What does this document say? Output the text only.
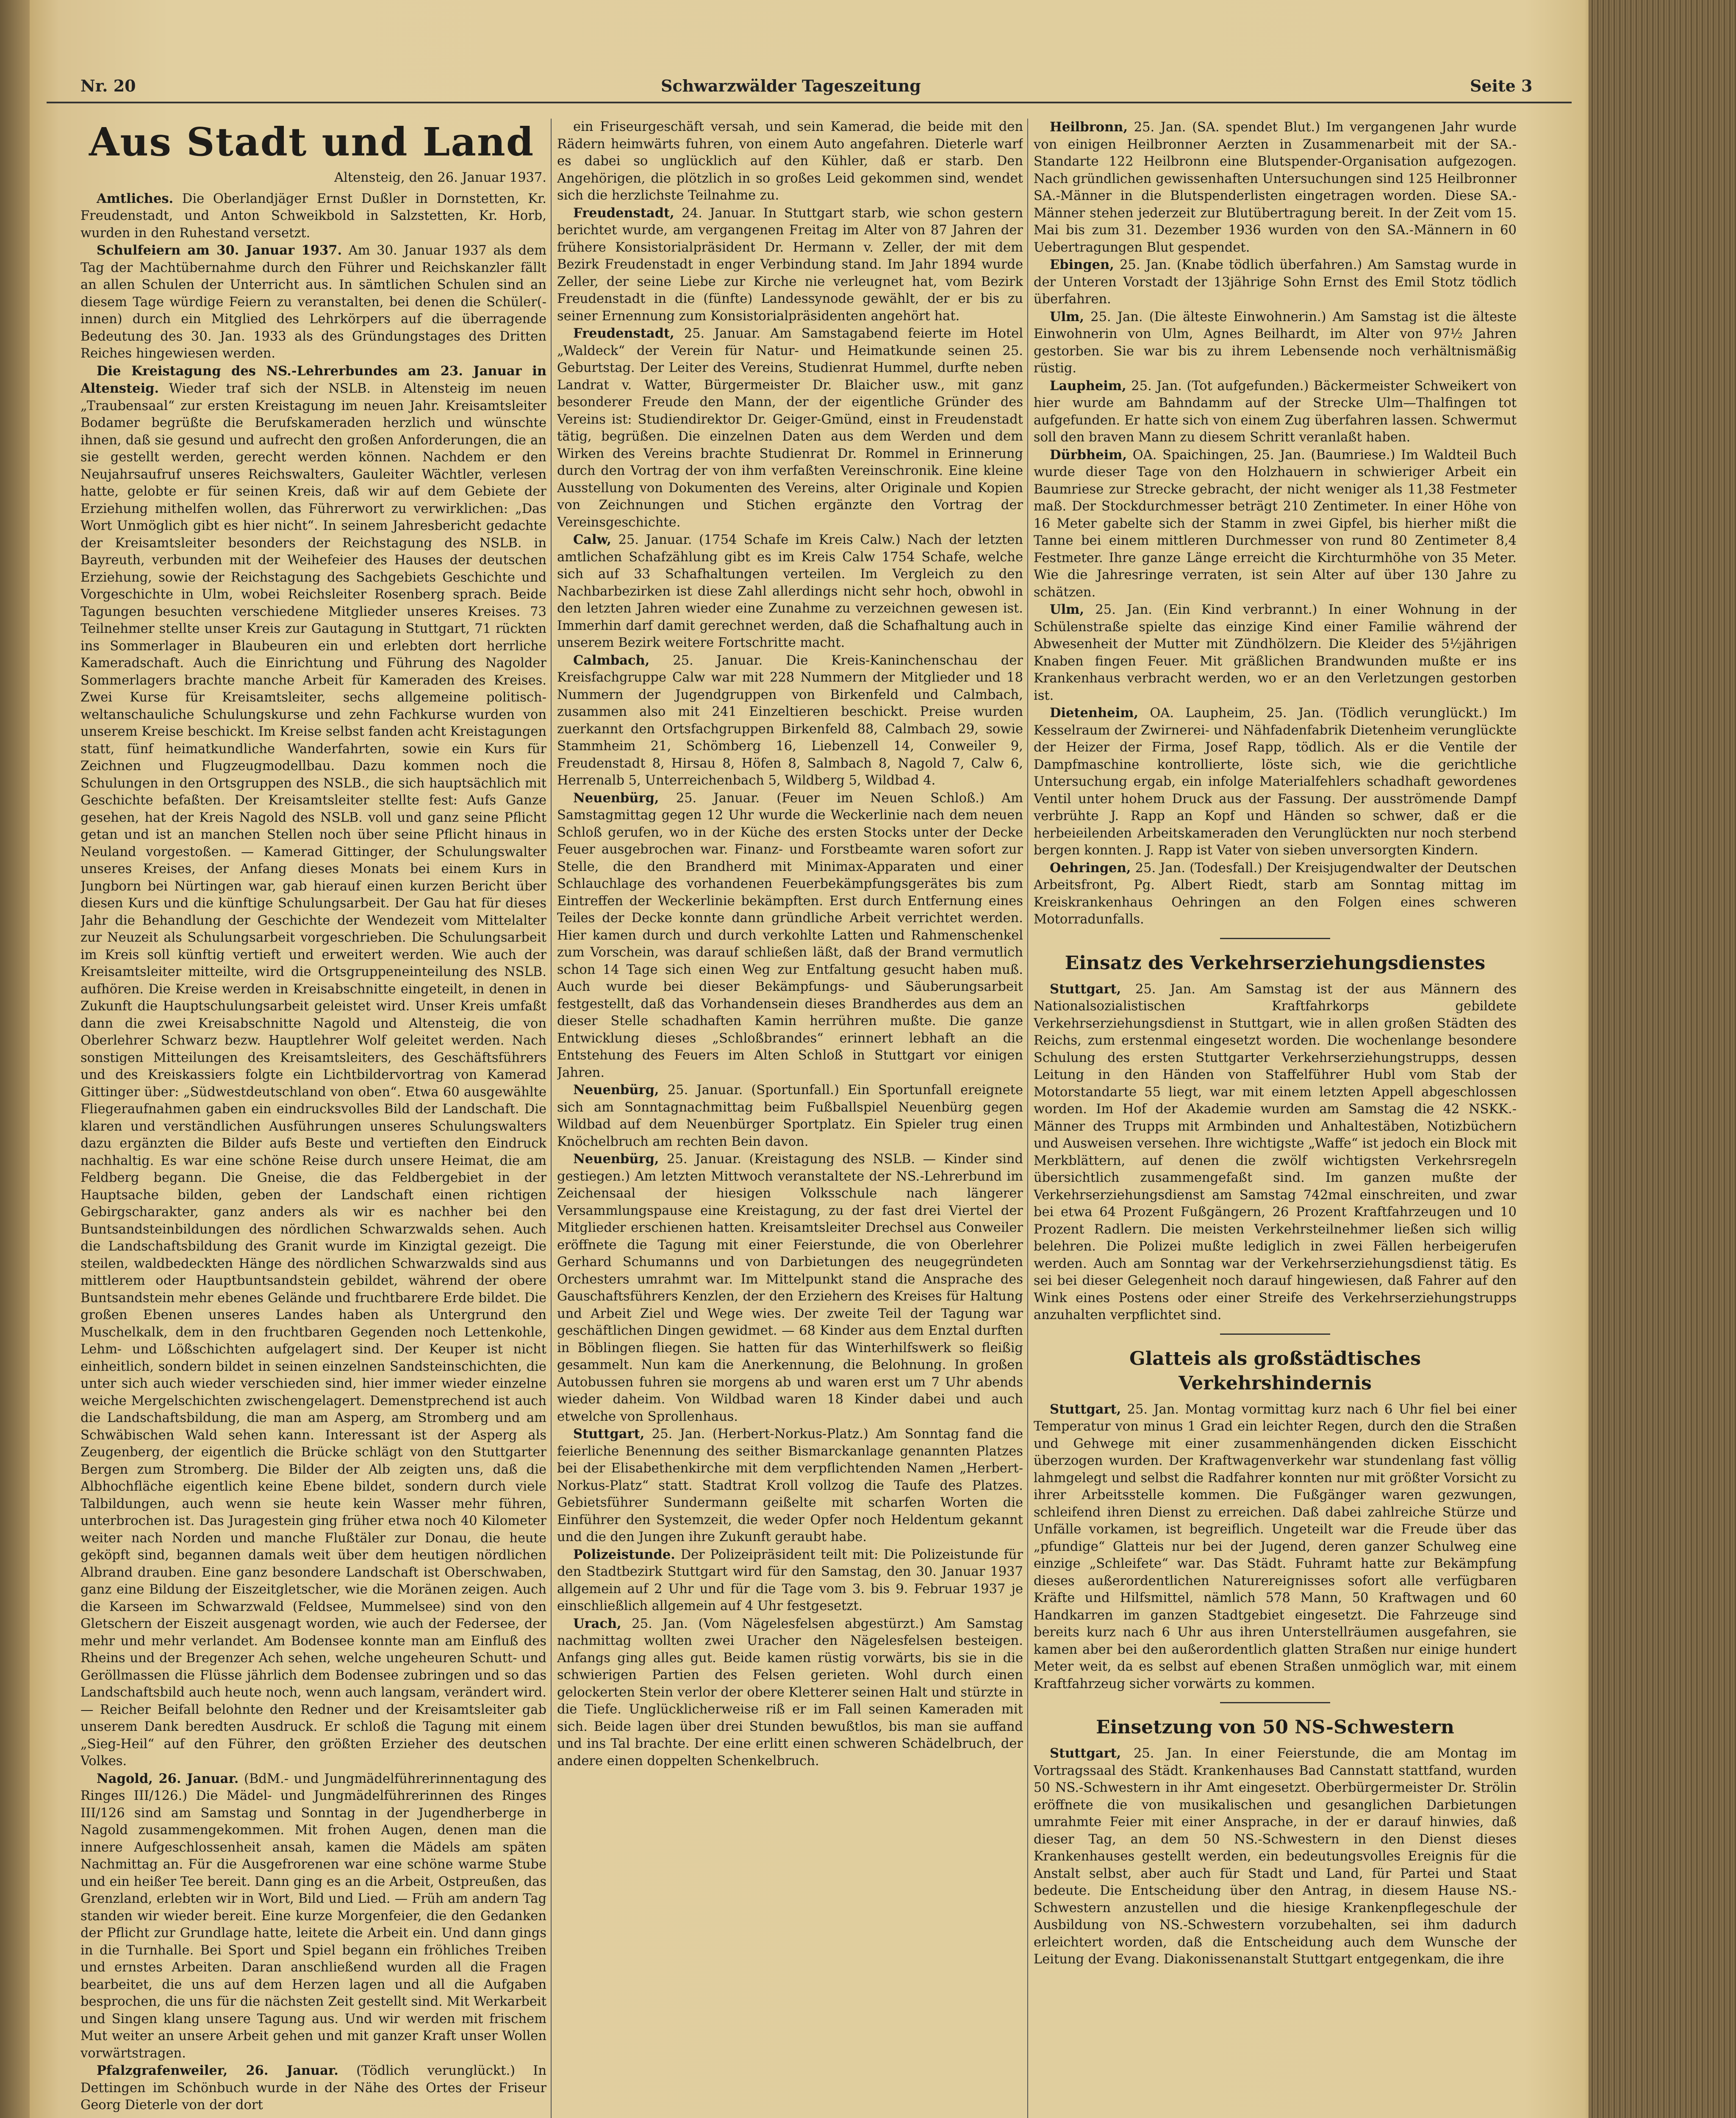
Nr. 20	Schwarzwälder Tageszeitung	Seite 3
Aus Stadt und Land
Altensteig, den 26. Januar 1937.

Amtliches. Die Oberlandjäger Ernst Dußler in Dornstetten, Kr. Freudenstadt, und Anton Schweikbold in Salzstetten, Kr. Horb, wurden in den Ruhestand versetzt.

Schulfeiern am 30. Januar 1937. Am 30. Januar 1937 als dem Tag der Machtübernahme durch den Führer und Reichskanzler fällt an allen Schulen der Unterricht aus. In sämtlichen Schulen sind an diesem Tage würdige Feiern zu veranstalten, bei denen die Schüler(-innen) durch ein Mitglied des Lehrkörpers auf die überragende Bedeutung des 30. Jan. 1933 als des Gründungstages des Dritten Reiches hingewiesen werden.

Die Kreistagung des NS.-Lehrerbundes am 23. Januar in Altensteig. Wieder traf sich der NSLB. in Altensteig im neuen „Traubensaal“ zur ersten Kreistagung im neuen Jahr. Kreisamtsleiter Bodamer begrüßte die Berufskameraden herzlich und wünschte ihnen, daß sie gesund und aufrecht den großen Anforderungen, die an sie gestellt werden, gerecht werden können. Nachdem er den Neujahrsaufruf unseres Reichswalters, Gauleiter Wächtler, verlesen hatte, gelobte er für seinen Kreis, daß wir auf dem Gebiete der Erziehung mithelfen wollen, das Führerwort zu verwirklichen: „Das Wort Unmöglich gibt es hier nicht“. In seinem Jahresbericht gedachte der Kreisamtsleiter besonders der Reichstagung des NSLB. in Bayreuth, verbunden mit der Weihefeier des Hauses der deutschen Erziehung, sowie der Reichstagung des Sachgebiets Geschichte und Vorgeschichte in Ulm, wobei Reichsleiter Rosenberg sprach. Beide Tagungen besuchten verschiedene Mitglieder unseres Kreises. 73 Teilnehmer stellte unser Kreis zur Gautagung in Stuttgart, 71 rückten ins Sommerlager in Blaubeuren ein und erlebten dort herrliche Kameradschaft. Auch die Einrichtung und Führung des Nagolder Sommerlagers brachte manche Arbeit für Kameraden des Kreises. Zwei Kurse für Kreisamtsleiter, sechs allgemeine politisch-weltanschauliche Schulungskurse und zehn Fachkurse wurden von unserem Kreise beschickt. Im Kreise selbst fanden acht Kreistagungen statt, fünf heimatkundliche Wanderfahrten, sowie ein Kurs für Zeichnen und Flugzeugmodellbau. Dazu kommen noch die Schulungen in den Ortsgruppen des NSLB., die sich hauptsächlich mit Geschichte befaßten. Der Kreisamtsleiter stellte fest: Aufs Ganze gesehen, hat der Kreis Nagold des NSLB. voll und ganz seine Pflicht getan und ist an manchen Stellen noch über seine Pflicht hinaus in Neuland vorgestoßen. — Kamerad Gittinger, der Schulungswalter unseres Kreises, der Anfang dieses Monats bei einem Kurs in Jungborn bei Nürtingen war, gab hierauf einen kurzen Bericht über diesen Kurs und die künftige Schulungsarbeit. Der Gau hat für dieses Jahr die Behandlung der Geschichte der Wendezeit vom Mittelalter zur Neuzeit als Schulungsarbeit vorgeschrieben. Die Schulungsarbeit im Kreis soll künftig vertieft und erweitert werden. Wie auch der Kreisamtsleiter mitteilte, wird die Ortsgruppeneinteilung des NSLB. aufhören. Die Kreise werden in Kreisabschnitte eingeteilt, in denen in Zukunft die Hauptschulungsarbeit geleistet wird. Unser Kreis umfaßt dann die zwei Kreisabschnitte Nagold und Altensteig, die von Oberlehrer Schwarz bezw. Hauptlehrer Wolf geleitet werden. Nach sonstigen Mitteilungen des Kreisamtsleiters, des Geschäftsführers und des Kreiskassiers folgte ein Lichtbildervortrag von Kamerad Gittinger über: „Südwestdeutschland von oben“. Etwa 60 ausgewählte Fliegeraufnahmen gaben ein eindrucksvolles Bild der Landschaft. Die klaren und verständlichen Ausführungen unseres Schulungswalters dazu ergänzten die Bilder aufs Beste und vertieften den Eindruck nachhaltig. Es war eine schöne Reise durch unsere Heimat, die am Feldberg begann. Die Gneise, die das Feldbergebiet in der Hauptsache bilden, geben der Landschaft einen richtigen Gebirgscharakter, ganz anders als wir es nachher bei den Buntsandsteinbildungen des nördlichen Schwarzwalds sehen. Auch die Landschaftsbildung des Granit wurde im Kinzigtal gezeigt. Die steilen, waldbedeckten Hänge des nördlichen Schwarzwalds sind aus mittlerem oder Hauptbuntsandstein gebildet, während der obere Buntsandstein mehr ebenes Gelände und fruchtbarere Erde bildet. Die großen Ebenen unseres Landes haben als Untergrund den Muschelkalk, dem in den fruchtbaren Gegenden noch Lettenkohle, Lehm- und Lößschichten aufgelagert sind. Der Keuper ist nicht einheitlich, sondern bildet in seinen einzelnen Sandsteinschichten, die unter sich auch wieder verschieden sind, hier immer wieder einzelne weiche Mergelschichten zwischengelagert. Demenstprechend ist auch die Landschaftsbildung, die man am Asperg, am Stromberg und am Schwäbischen Wald sehen kann. Interessant ist der Asperg als Zeugenberg, der eigentlich die Brücke schlägt von den Stuttgarter Bergen zum Stromberg. Die Bilder der Alb zeigten uns, daß die Albhochfläche eigentlich keine Ebene bildet, sondern durch viele Talbildungen, auch wenn sie heute kein Wasser mehr führen, unterbrochen ist. Das Juragestein ging früher etwa noch 40 Kilometer weiter nach Norden und manche Flußtäler zur Donau, die heute geköpft sind, begannen damals weit über dem heutigen nördlichen Albrand drauben. Eine ganz besondere Landschaft ist Oberschwaben, ganz eine Bildung der Eiszeitgletscher, wie die Moränen zeigen. Auch die Karseen im Schwarzwald (Feldsee, Mummelsee) sind von den Gletschern der Eiszeit ausgenagt worden, wie auch der Federsee, der mehr und mehr verlandet. Am Bodensee konnte man am Einfluß des Rheins und der Bregenzer Ach sehen, welche ungeheuren Schutt- und Geröllmassen die Flüsse jährlich dem Bodensee zubringen und so das Landschaftsbild auch heute noch, wenn auch langsam, verändert wird. — Reicher Beifall belohnte den Redner und der Kreisamtsleiter gab unserem Dank beredten Ausdruck. Er schloß die Tagung mit einem „Sieg-Heil“ auf den Führer, den größten Erzieher des deutschen Volkes.

Nagold, 26. Januar. (BdM.- und Jungmädelführerinnentagung des Ringes III/126.) Die Mädel- und Jungmädelführerinnen des Ringes III/126 sind am Samstag und Sonntag in der Jugendherberge in Nagold zusammengekommen. Mit frohen Augen, denen man die innere Aufgeschlossenheit ansah, kamen die Mädels am späten Nachmittag an. Für die Ausgefrorenen war eine schöne warme Stube und ein heißer Tee bereit. Dann ging es an die Arbeit, Ostpreußen, das Grenzland, erlebten wir in Wort, Bild und Lied. — Früh am andern Tag standen wir wieder bereit. Eine kurze Morgenfeier, die den Gedanken der Pflicht zur Grundlage hatte, leitete die Arbeit ein. Und dann gings in die Turnhalle. Bei Sport und Spiel begann ein fröhliches Treiben und ernstes Arbeiten. Daran anschließend wurden all die Fragen bearbeitet, die uns auf dem Herzen lagen und all die Aufgaben besprochen, die uns für die nächsten Zeit gestellt sind. Mit Werkarbeit und Singen klang unsere Tagung aus. Und wir werden mit frischem Mut weiter an unsere Arbeit gehen und mit ganzer Kraft unser Wollen vorwärtstragen.

Pfalzgrafenweiler, 26. Januar. (Tödlich verunglückt.) In Dettingen im Schönbuch wurde in der Nähe des Ortes der Friseur Georg Dieterle von der dort

ein Friseurgeschäft versah, und sein Kamerad, die beide mit den Rädern heimwärts fuhren, von einem Auto angefahren. Dieterle warf es dabei so unglücklich auf den Kühler, daß er starb. Den Angehörigen, die plötzlich in so großes Leid gekommen sind, wendet sich die herzlichste Teilnahme zu.

Freudenstadt, 24. Januar. In Stuttgart starb, wie schon gestern berichtet wurde, am vergangenen Freitag im Alter von 87 Jahren der frühere Konsistorialpräsident Dr. Hermann v. Zeller, der mit dem Bezirk Freudenstadt in enger Verbindung stand. Im Jahr 1894 wurde Zeller, der seine Liebe zur Kirche nie verleugnet hat, vom Bezirk Freudenstadt in die (fünfte) Landessynode gewählt, der er bis zu seiner Ernennung zum Konsistorialpräsidenten angehört hat.

Freudenstadt, 25. Januar. Am Samstagabend feierte im Hotel „Waldeck“ der Verein für Natur- und Heimatkunde seinen 25. Geburtstag. Der Leiter des Vereins, Studienrat Hummel, durfte neben Landrat v. Watter, Bürgermeister Dr. Blaicher usw., mit ganz besonderer Freude den Mann, der der eigentliche Gründer des Vereins ist: Studiendirektor Dr. Geiger-Gmünd, einst in Freudenstadt tätig, begrüßen. Die einzelnen Daten aus dem Werden und dem Wirken des Vereins brachte Studienrat Dr. Rommel in Erinnerung durch den Vortrag der von ihm verfaßten Vereinschronik. Eine kleine Ausstellung von Dokumenten des Vereins, alter Originale und Kopien von Zeichnungen und Stichen ergänzte den Vortrag der Vereinsgeschichte.

Calw, 25. Januar. (1754 Schafe im Kreis Calw.) Nach der letzten amtlichen Schafzählung gibt es im Kreis Calw 1754 Schafe, welche sich auf 33 Schafhaltungen verteilen. Im Vergleich zu den Nachbarbezirken ist diese Zahl allerdings nicht sehr hoch, obwohl in den letzten Jahren wieder eine Zunahme zu verzeichnen gewesen ist. Immerhin darf damit gerechnet werden, daß die Schafhaltung auch in unserem Bezirk weitere Fortschritte macht.

Calmbach, 25. Januar. Die Kreis-Kaninchenschau der Kreisfachgruppe Calw war mit 228 Nummern der Mitglieder und 18 Nummern der Jugendgruppen von Birkenfeld und Calmbach, zusammen also mit 241 Einzeltieren beschickt. Preise wurden zuerkannt den Ortsfachgruppen Birkenfeld 88, Calmbach 29, sowie Stammheim 21, Schömberg 16, Liebenzell 14, Conweiler 9, Freudenstadt 8, Hirsau 8, Höfen 8, Salmbach 8, Nagold 7, Calw 6, Herrenalb 5, Unterreichenbach 5, Wildberg 5, Wildbad 4.

Neuenbürg, 25. Januar. (Feuer im Neuen Schloß.) Am Samstagmittag gegen 12 Uhr wurde die Weckerlinie nach dem neuen Schloß gerufen, wo in der Küche des ersten Stocks unter der Decke Feuer ausgebrochen war. Finanz- und Forstbeamte waren sofort zur Stelle, die den Brandherd mit Minimax-Apparaten und einer Schlauchlage des vorhandenen Feuerbekämpfungsgerätes bis zum Eintreffen der Weckerlinie bekämpften. Erst durch Entfernung eines Teiles der Decke konnte dann gründliche Arbeit verrichtet werden. Hier kamen durch und durch verkohlte Latten und Rahmenschenkel zum Vorschein, was darauf schließen läßt, daß der Brand vermutlich schon 14 Tage sich einen Weg zur Entfaltung gesucht haben muß. Auch wurde bei dieser Bekämpfungs- und Säuberungsarbeit festgestellt, daß das Vorhandensein dieses Brandherdes aus dem an dieser Stelle schadhaften Kamin herrühren mußte. Die ganze Entwicklung dieses „Schloßbrandes“ erinnert lebhaft an die Entstehung des Feuers im Alten Schloß in Stuttgart vor einigen Jahren.

Neuenbürg, 25. Januar. (Sportunfall.) Ein Sportunfall ereignete sich am Sonntagnachmittag beim Fußballspiel Neuenbürg gegen Wildbad auf dem Neuenbürger Sportplatz. Ein Spieler trug einen Knöchelbruch am rechten Bein davon.

Neuenbürg, 25. Januar. (Kreistagung des NSLB. — Kinder sind gestiegen.) Am letzten Mittwoch veranstaltete der NS.-Lehrerbund im Zeichensaal der hiesigen Volksschule nach längerer Versammlungspause eine Kreistagung, zu der fast drei Viertel der Mitglieder erschienen hatten. Kreisamtsleiter Drechsel aus Conweiler eröffnete die Tagung mit einer Feierstunde, die von Oberlehrer Gerhard Schumanns und von Darbietungen des neugegründeten Orchesters umrahmt war. Im Mittelpunkt stand die Ansprache des Gauschaftsführers Kenzlen, der den Erziehern des Kreises für Haltung und Arbeit Ziel und Wege wies. Der zweite Teil der Tagung war geschäftlichen Dingen gewidmet. — 68 Kinder aus dem Enztal durften in Böblingen fliegen. Sie hatten für das Winterhilfswerk so fleißig gesammelt. Nun kam die Anerkennung, die Belohnung. In großen Autobussen fuhren sie morgens ab und waren erst um 7 Uhr abends wieder daheim. Von Wildbad waren 18 Kinder dabei und auch etwelche von Sprollenhaus.

Stuttgart, 25. Jan. (Herbert-Norkus-Platz.) Am Sonntag fand die feierliche Benennung des seither Bismarckanlage genannten Platzes bei der Elisabethenkirche mit dem verpflichtenden Namen „Herbert-Norkus-Platz“ statt. Stadtrat Kroll vollzog die Taufe des Platzes. Gebietsführer Sundermann geißelte mit scharfen Worten die Einführer den Systemzeit, die weder Opfer noch Heldentum gekannt und die den Jungen ihre Zukunft geraubt habe.

Polizeistunde. Der Polizeipräsident teilt mit: Die Polizeistunde für den Stadtbezirk Stuttgart wird für den Samstag, den 30. Januar 1937 allgemein auf 2 Uhr und für die Tage vom 3. bis 9. Februar 1937 je einschließlich allgemein auf 4 Uhr festgesetzt.

Urach, 25. Jan. (Vom Nägelesfelsen abgestürzt.) Am Samstag nachmittag wollten zwei Uracher den Nägelesfelsen besteigen. Anfangs ging alles gut. Beide kamen rüstig vorwärts, bis sie in die schwierigen Partien des Felsen gerieten. Wohl durch einen gelockerten Stein verlor der obere Kletterer seinen Halt und stürzte in die Tiefe. Unglücklicherweise riß er im Fall seinen Kameraden mit sich. Beide lagen über drei Stunden bewußtlos, bis man sie auffand und ins Tal brachte. Der eine erlitt einen schweren Schädelbruch, der andere einen doppelten Schenkelbruch.

Heilbronn, 25. Jan. (SA. spendet Blut.) Im vergangenen Jahr wurde von einigen Heilbronner Aerzten in Zusammenarbeit mit der SA.-Standarte 122 Heilbronn eine Blutspender-Organisation aufgezogen. Nach gründlichen gewissenhaften Untersuchungen sind 125 Heilbronner SA.-Männer in die Blutspenderlisten eingetragen worden. Diese SA.-Männer stehen jederzeit zur Blutübertragung bereit. In der Zeit vom 15. Mai bis zum 31. Dezember 1936 wurden von den SA.-Männern in 60 Uebertragungen Blut gespendet.

Ebingen, 25. Jan. (Knabe tödlich überfahren.) Am Samstag wurde in der Unteren Vorstadt der 13jährige Sohn Ernst des Emil Stotz tödlich überfahren.

Ulm, 25. Jan. (Die älteste Einwohnerin.) Am Samstag ist die älteste Einwohnerin von Ulm, Agnes Beilhardt, im Alter von 97½ Jahren gestorben. Sie war bis zu ihrem Lebensende noch verhältnismäßig rüstig.

Laupheim, 25. Jan. (Tot aufgefunden.) Bäckermeister Schweikert von hier wurde am Bahndamm auf der Strecke Ulm—Thalfingen tot aufgefunden. Er hatte sich von einem Zug überfahren lassen. Schwermut soll den braven Mann zu diesem Schritt veranlaßt haben.

Dürbheim, OA. Spaichingen, 25. Jan. (Baumriese.) Im Waldteil Buch wurde dieser Tage von den Holzhauern in schwieriger Arbeit ein Baumriese zur Strecke gebracht, der nicht weniger als 11,38 Festmeter maß. Der Stockdurchmesser beträgt 210 Zentimeter. In einer Höhe von 16 Meter gabelte sich der Stamm in zwei Gipfel, bis hierher mißt die Tanne bei einem mittleren Durchmesser von rund 80 Zentimeter 8,4 Festmeter. Ihre ganze Länge erreicht die Kirchturmhöhe von 35 Meter. Wie die Jahresringe verraten, ist sein Alter auf über 130 Jahre zu schätzen.

Ulm, 25. Jan. (Ein Kind verbrannt.) In einer Wohnung in der Schülenstraße spielte das einzige Kind einer Familie während der Abwesenheit der Mutter mit Zündhölzern. Die Kleider des 5½jährigen Knaben fingen Feuer. Mit gräßlichen Brandwunden mußte er ins Krankenhaus verbracht werden, wo er an den Verletzungen gestorben ist.

Dietenheim, OA. Laupheim, 25. Jan. (Tödlich verunglückt.) Im Kesselraum der Zwirnerei- und Nähfadenfabrik Dietenheim verunglückte der Heizer der Firma, Josef Rapp, tödlich. Als er die Ventile der Dampfmaschine kontrollierte, löste sich, wie die gerichtliche Untersuchung ergab, ein infolge Materialfehlers schadhaft gewordenes Ventil unter hohem Druck aus der Fassung. Der ausströmende Dampf verbrühte J. Rapp an Kopf und Händen so schwer, daß er die herbeieilenden Arbeitskameraden den Verunglückten nur noch sterbend bergen konnten. J. Rapp ist Vater von sieben unversorgten Kindern.

Oehringen, 25. Jan. (Todesfall.) Der Kreisjugendwalter der Deutschen Arbeitsfront, Pg. Albert Riedt, starb am Sonntag mittag im Kreiskrankenhaus Oehringen an den Folgen eines schweren Motorradunfalls.

Einsatz des Verkehrserziehungsdienstes

Stuttgart, 25. Jan. Am Samstag ist der aus Männern des Nationalsozialistischen Kraftfahrkorps gebildete Verkehrserziehungsdienst in Stuttgart, wie in allen großen Städten des Reichs, zum erstenmal eingesetzt worden. Die wochenlange besondere Schulung des ersten Stuttgarter Verkehrserziehungstrupps, dessen Leitung in den Händen von Staffelführer Hubl vom Stab der Motorstandarte 55 liegt, war mit einem letzten Appell abgeschlossen worden. Im Hof der Akademie wurden am Samstag die 42 NSKK.-Männer des Trupps mit Armbinden und Anhaltestäben, Notizbüchern und Ausweisen versehen. Ihre wichtigste „Waffe“ ist jedoch ein Block mit Merkblättern, auf denen die zwölf wichtigsten Verkehrsregeln übersichtlich zusammengefaßt sind. Im ganzen mußte der Verkehrserziehungsdienst am Samstag 742mal einschreiten, und zwar bei etwa 64 Prozent Fußgängern, 26 Prozent Kraftfahrzeugen und 10 Prozent Radlern. Die meisten Verkehrsteilnehmer ließen sich willig belehren. Die Polizei mußte lediglich in zwei Fällen herbeigerufen werden. Auch am Sonntag war der Verkehrserziehungsdienst tätig. Es sei bei dieser Gelegenheit noch darauf hingewiesen, daß Fahrer auf den Wink eines Postens oder einer Streife des Verkehrserziehungstrupps anzuhalten verpflichtet sind.

Glatteis als großstädtisches Verkehrshindernis

Stuttgart, 25. Jan. Montag vormittag kurz nach 6 Uhr fiel bei einer Temperatur von minus 1 Grad ein leichter Regen, durch den die Straßen und Gehwege mit einer zusammenhängenden dicken Eisschicht überzogen wurden. Der Kraftwagenverkehr war stundenlang fast völlig lahmgelegt und selbst die Radfahrer konnten nur mit größter Vorsicht zu ihrer Arbeitsstelle kommen. Die Fußgänger waren gezwungen, schleifend ihren Dienst zu erreichen. Daß dabei zahlreiche Stürze und Unfälle vorkamen, ist begreiflich. Ungeteilt war die Freude über das „pfundige“ Glatteis nur bei der Jugend, deren ganzer Schulweg eine einzige „Schleifete“ war. Das Städt. Fuhramt hatte zur Bekämpfung dieses außerordentlichen Naturereignisses sofort alle verfügbaren Kräfte und Hilfsmittel, nämlich 578 Mann, 50 Kraftwagen und 60 Handkarren im ganzen Stadtgebiet eingesetzt. Die Fahrzeuge sind bereits kurz nach 6 Uhr aus ihren Unterstellräumen ausgefahren, sie kamen aber bei den außerordentlich glatten Straßen nur einige hundert Meter weit, da es selbst auf ebenen Straßen unmöglich war, mit einem Kraftfahrzeug sicher vorwärts zu kommen.

Einsetzung von 50 NS-Schwestern

Stuttgart, 25. Jan. In einer Feierstunde, die am Montag im Vortragssaal des Städt. Krankenhauses Bad Cannstatt stattfand, wurden 50 NS.-Schwestern in ihr Amt eingesetzt. Oberbürgermeister Dr. Strölin eröffnete die von musikalischen und gesanglichen Darbietungen umrahmte Feier mit einer Ansprache, in der er darauf hinwies, daß dieser Tag, an dem 50 NS.-Schwestern in den Dienst dieses Krankenhauses gestellt werden, ein bedeutungsvolles Ereignis für die Anstalt selbst, aber auch für Stadt und Land, für Partei und Staat bedeute. Die Entscheidung über den Antrag, in diesem Hause NS.-Schwestern anzustellen und die hiesige Krankenpflegeschule der Ausbildung von NS.-Schwestern vorzubehalten, sei ihm dadurch erleichtert worden, daß die Entscheidung auch dem Wunsche der Leitung der Evang. Diakonissenanstalt Stuttgart entgegenkam, die ihre
